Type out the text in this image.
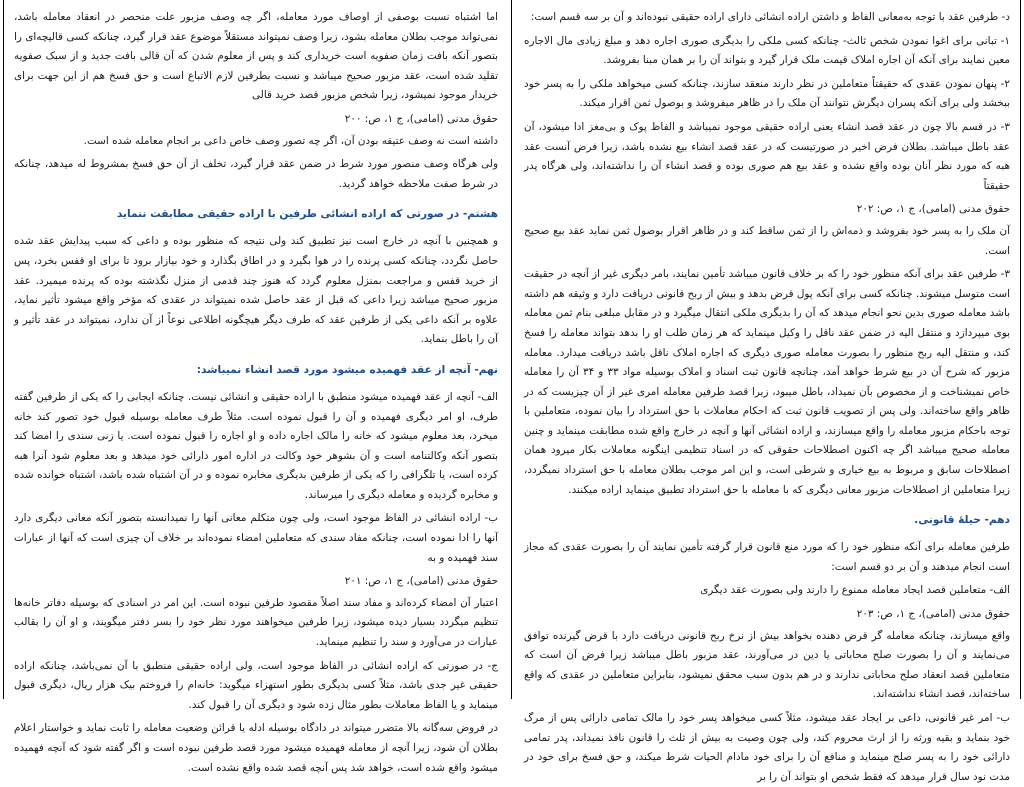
اما اشتباه نسبت بوصفی از اوصاف مورد معامله، اگر چه وصف مزبور علت منحصر در انعقاد معامله باشد، نمی‌تواند موجب بطلان معامله بشود، زیرا وصف نمیتواند مستقلاً موضوع عقد قرار گیرد، چنانکه کسی قالیچه‌ای را بتصور آنکه بافت زمان صفویه است خریداری کند و پس از معلوم شدن که آن قالی بافت جدید و از سبک صفویه تقلید شده است، عقد مزبور صحیح میباشد و نسبت بطرفین لازم الاتباع است و حق فسخ هم از این جهت برای خریدار موجود نمیشود، زیرا شخص مزبور قصد خرید قالی

حقوق مدنی (امامی)، ج ۱، ص: ۲۰۰

داشته است نه وصف عتیقه بودن آن، اگر چه تصور وصف خاص داعی بر انجام معامله شده است.

ولی هرگاه وصف منصور مورد شرط در ضمن عقد قرار گیرد، تخلف از آن حق فسخ بمشروط له میدهد، چنانکه در شرط صفت ملاحظه خواهد گردید.

هشتم- در صورتی که اراده انشائی طرفین با اراده حقیقی مطابقت ننماید

و همچنین با آنچه در خارج است نیز تطبیق کند ولی نتیجه که منظور بوده و داعی که سبب پیدایش عقد شده حاصل نگردد، چنانکه کسی پرنده را در هوا بگیرد و در اطاق بگذارد و خود بیازار برود تا برای او قفس بخرد، پس از خرید قفس و مراجعت بمنزل معلوم گردد که هنوز چند قدمی از منزل نگذشته بوده که پرنده میمیرد. عقد مزبور صحیح میباشد زیرا داعی که قبل از عقد حاصل شده نمیتواند در عقدی که مؤخر واقع میشود تأثیر نماید، علاوه بر آنکه داعی یکی از طرفین عقد که طرف دیگر هیچگونه اطلاعی نوعاً از آن ندارد، نمیتواند در عقد تأثیر و آن را باطل بنماید.

نهم- آنچه از عقد فهمیده میشود مورد قصد انشاء نمیباشد:

الف- آنچه از عقد فهمیده میشود منطبق با اراده حقیقی و انشائی نیست. چنانکه ایجابی را که یکی از طرفین گفته طرف، او امر دیگری فهمیده و آن را قبول نموده است. مثلاً طرف معامله بوسیله قبول خود تصور کند خانه میخرد، بعد معلوم میشود که خانه را مالک اجاره داده و او اجاره را قبول نموده است. یا زنی سندی را امضا کند بتصور آنکه وکالتنامه است و آن بشوهر خود وکالت در اداره امور دارائی خود میدهد و بعد معلوم شود آنرا هبه کرده است، یا تلگرافی را که یکی از طرفین بدیگری مخابره نموده و در آن اشتباه شده باشد، اشتباه خوانده شده و مخابره گردیده و معامله دیگری را میرساند.

ب- اراده انشائی در الفاظ موجود است، ولی چون متکلم معانی آنها را نمیدانسته بتصور آنکه معانی دیگری دارد آنها را ادا نموده است، چنانکه مفاد سندی که متعاملین امضاء نموده‌اند بر خلاف آن چیزی است که آنها از عبارات سند فهمیده و به

حقوق مدنی (امامی)، ج ۱، ص: ۲۰۱

اعتبار آن امضاء کرده‌اند و مفاد سند اصلاً مقصود طرفین نبوده است. این امر در اسنادی که بوسیله دفاتر خانه‌ها تنظیم میگردد بسیار دیده میشود، زیرا طرفین میخواهند مورد نظر خود را بسر دفتر میگویند، و او آن را بقالب عبارات در می‌آورد و سند را تنظیم مینماید.

ج- در صورتی که اراده انشائی در الفاظ موجود است، ولی اراده حقیقی منطبق با آن نمی‌باشد، چنانکه اراده حقیقی غیر جدی باشد، مثلاً کسی بدیگری بطور استهزاء میگوید: خانه‌ام را فروختم بیک هزار ریال، دیگری قبول مینماید و یا الفاظ معاملات بطور مثال زده شود و دیگری آن را قبول کند.

در فروض سه‌گانه بالا متضرر میتواند در دادگاه بوسیله ادله یا قرائن وضعیت معامله را ثابت نماید و خواستار اعلام بطلان آن شود، زیرا آنچه از معامله فهمیده میشود مورد قصد طرفین نبوده است و اگر گفته شود که آنچه فهمیده میشود واقع شده است، خواهد شد پس آنچه قصد شده واقع نشده است.

د- طرفین عقد با توجه به‌معانی الفاظ و داشتن اراده انشائی دارای اراده حقیقی نبوده‌اند و آن بر سه قسم است:

۱- تبانی برای اغوا نمودن شخص ثالث- چنانکه کسی ملکی را بدیگری صوری اجاره دهد و مبلغ زیادی مال الاجاره معین نمایند برای آنکه آن اجاره املاک قیمت ملک قرار گیرد و بتواند آن را بر همان مبنا بفروشد.

۲- پنهان نمودن عقدی که حقیقتاً متعاملین در نظر دارند منعقد سازند، چنانکه کسی میخواهد ملکی را به پسر خود ببخشد ولی برای آنکه پسران دیگرش نتوانند آن ملک را در ظاهر میفروشد و بوصول ثمن اقرار میکند.

۳- در قسم بالا چون در عقد قصد انشاء یعنی اراده حقیقی موجود نمیباشد و الفاظ پوک و بی‌مغز ادا میشود، آن عقد باطل میباشد. بطلان فرض اخیر در صورتیست که در عقد قصد انشاء بیع نشده باشد، زیرا فرض آنست عقد هبه که مورد نظر آنان بوده واقع نشده و عقد بیع هم صوری بوده و قصد انشاء آن را نداشته‌اند، ولی هرگاه پدر حقیقتاً

حقوق مدنی (امامی)، ج ۱، ص: ۲۰۲

آن ملک را به پسر خود بفروشد و ذمه‌اش را از ثمن ساقط کند و در ظاهر اقرار بوصول ثمن نماید عقد بیع صحیح است.

۳- طرفین عقد برای آنکه منظور خود را که بر خلاف قانون میباشد تأمین نمایند، بامر دیگری غیر از آنچه در حقیقت است متوسل میشوند. چنانکه کسی برای آنکه پول قرض بدهد و بیش از ربح قانونی دریافت دارد و وثیقه هم داشته باشد معامله صوری بدین نحو انجام میدهد که آن را بدیگری ملکی انتقال میگیرد و در مقابل مبلغی بنام ثمن معامله بوی میپردازد و منتقل الیه در ضمن عقد ناقل را وکیل مینماید که هر زمان طلب او را بدهد بتواند معامله را فسخ کند، و منتقل الیه ربح منظور را بصورت معامله صوری دیگری که اجاره املاک ناقل باشد دریافت میدارد. معامله مزبور که شرح آن در بیع شرط خواهد آمد، چنانچه قانون ثبت اسناد و املاک بوسیله مواد ۳۳ و ۳۴ آن را معامله خاص نمیشناخت و از مخصوص بآن نمیداد، باطل میبود، زیرا قصد طرفین معامله امری غیر از آن چیزیست که در ظاهر واقع ساخته‌اند. ولی پس از تصویب قانون ثبت که احکام معاملات با حق استرداد را بیان نموده، متعاملین با توجه باحکام مزبور معامله را واقع میسازند، و اراده انشائی آنها و آنچه در خارج واقع شده مطابقت مینماید و چنین معامله صحیح میباشد اگر چه اکنون اصطلاحات حقوقی که در اسناد تنظیمی اینگونه معاملات بکار میرود همان اصطلاحات سابق و مربوط به بیع خیاری و شرطی است، و این امر موجب بطلان معامله با حق استرداد نمیگردد، زیرا متعاملین از اصطلاحات مزبور معانی دیگری که با معامله با حق استرداد تطبیق مینماید اراده میکنند.

دهم- حیلهٔ قانونی.

طرفین معامله برای آنکه منظور خود را که مورد منع قانون قرار گرفته تأمین نمایند آن را بصورت عقدی که مجاز است انجام میدهند و آن بر دو قسم است:

الف- متعاملین قصد ایجاد معامله ممنوع را دارند ولی بصورت عقد دیگری

حقوق مدنی (امامی)، ج ۱، ص: ۲۰۳

واقع میسازند، چنانکه معامله گر قرض دهنده بخواهد بیش از نرخ ربح قانونی دریافت دارد با قرض گیرنده توافق می‌نمایند و آن را بصورت صلح محاباتی یا دین در می‌آورند، عقد مزبور باطل میباشد زیرا فرض آن است که متعاملین قصد انعقاد صلح محاباتی ندارند و در هم بدون سبب محقق نمیشود، بنابراین متعاملین در عقدی که واقع ساخته‌اند، قصد انشاء نداشته‌اند.

ب- امر غیر قانونی، داعی بر ایجاد عقد میشود، مثلاً کسی میخواهد پسر خود را مالک تمامی دارائی پس از مرگ خود بنماید و بقیه ورثه را از ارث محروم کند، ولی چون وصیت به بیش از ثلث را قانون نافذ نمیداند، پدر تمامی دارائی خود را به پسر صلح مینماید و منافع آن را برای خود مادام الحیات شرط میکند، و حق فسخ برای خود در مدت نود سال قرار میدهد که فقط شخص او بتواند آن را بر
